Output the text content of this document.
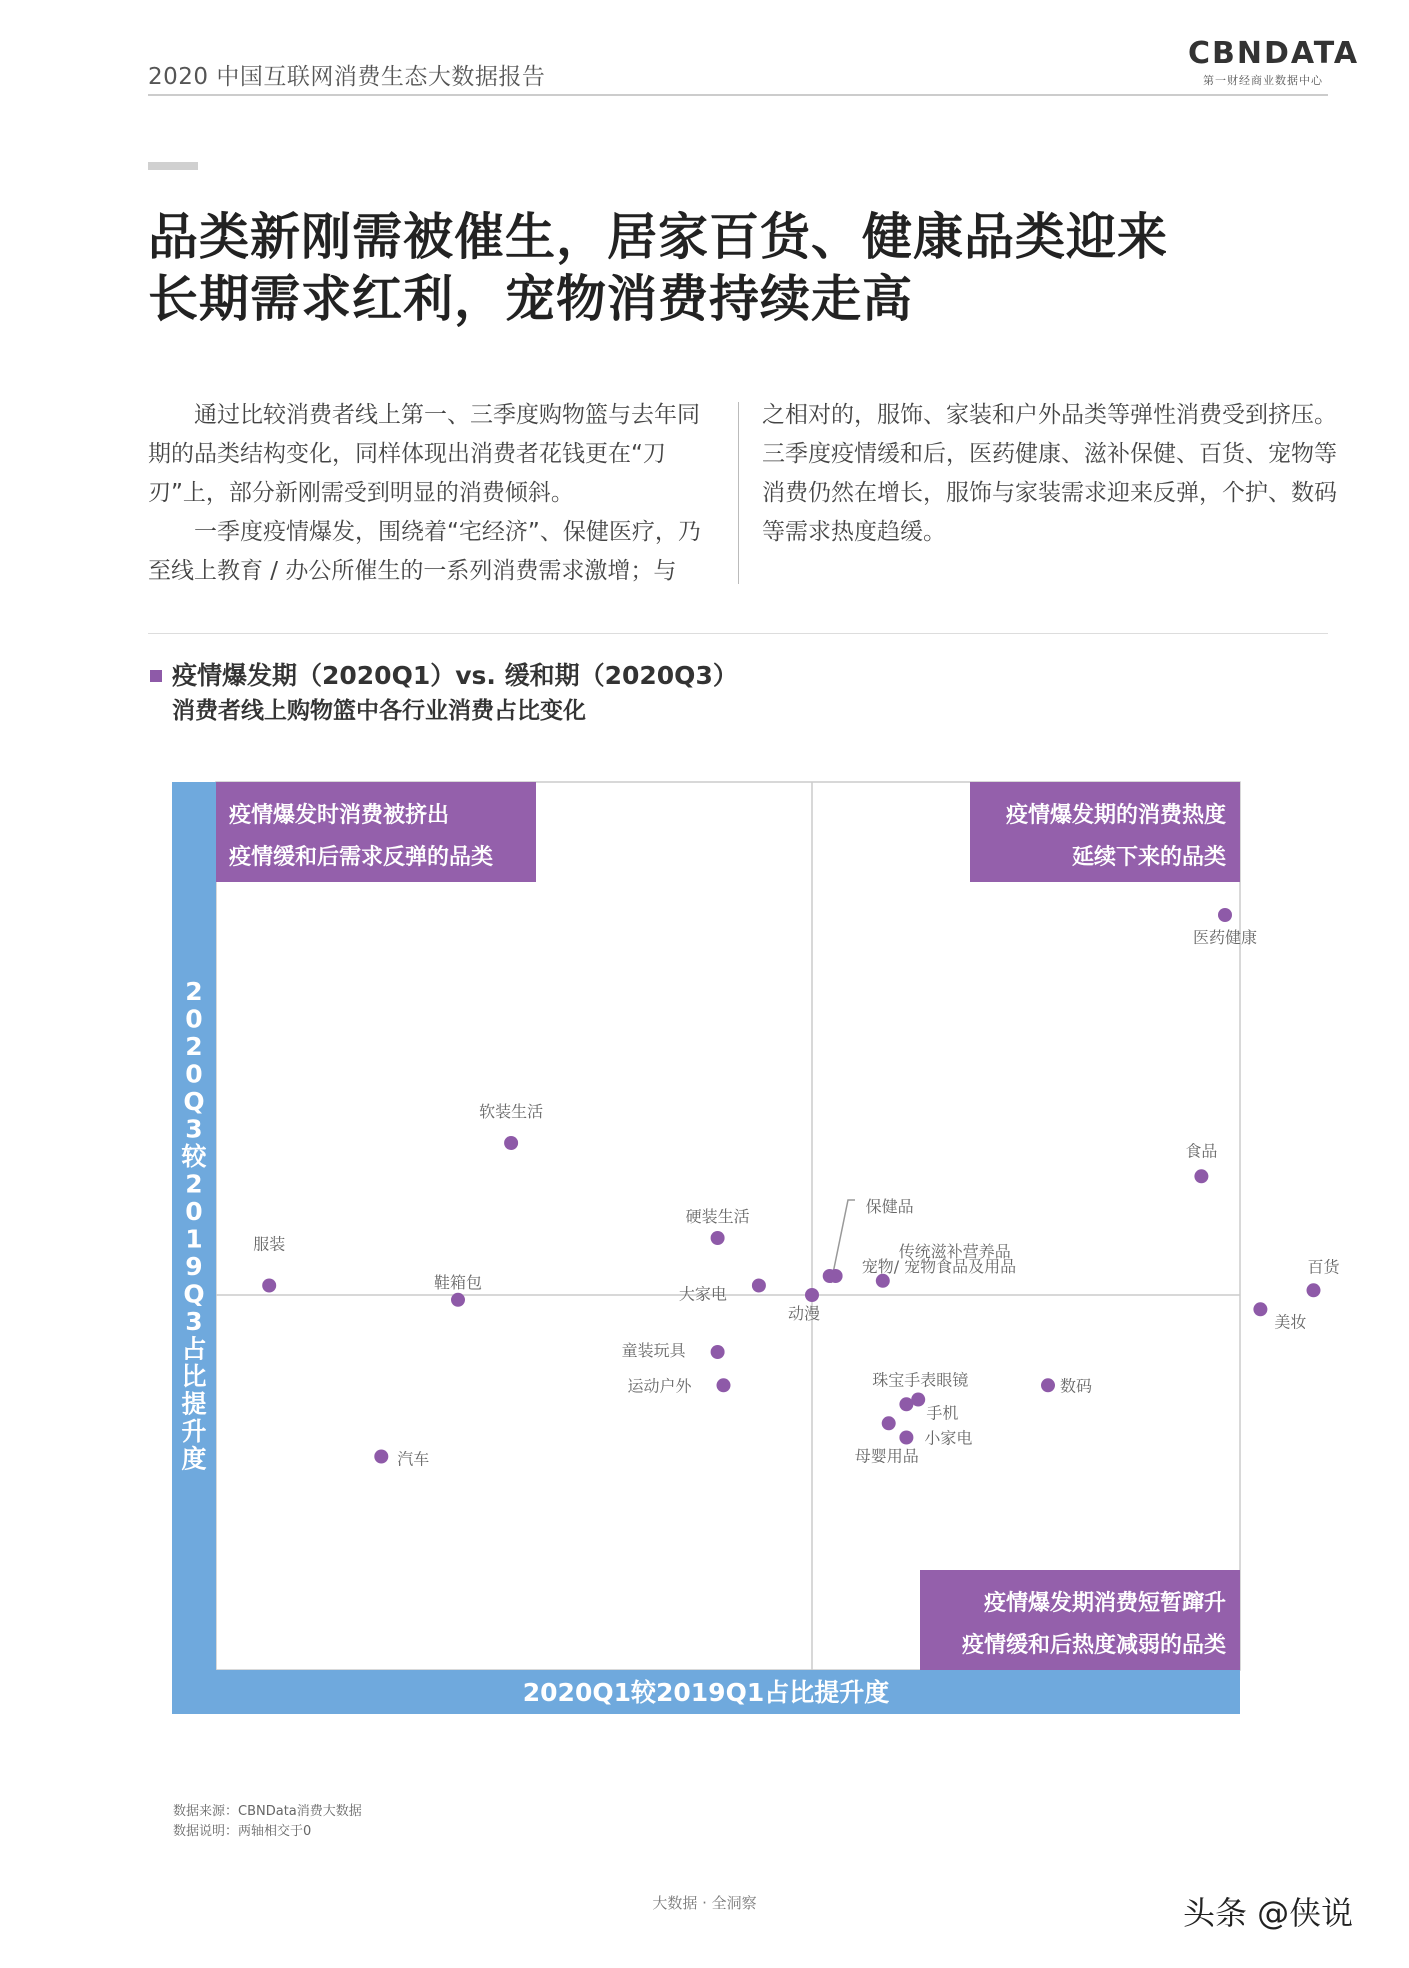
2020 中国互联网消费生态大数据报告
CBNDATA
第一财经商业数据中心
品类新刚需被催生，居家百货、健康品类迎来
长期需求红利，宠物消费持续走高

通过比较消费者线上第一、三季度购物篮与去年同期的品类结构变化，同样体现出消费者花钱更在“刀刃”上，部分新刚需受到明显的消费倾斜。

一季度疫情爆发，围绕着“宅经济”、保健医疗，乃至线上教育 / 办公所催生的一系列消费需求激增；与

之相对的，服饰、家装和户外品类等弹性消费受到挤压。三季度疫情缓和后，医药健康、滋补保健、百货、宠物等消费仍然在增长，服饰与家装需求迎来反弹，个护、数码等需求热度趋缓。

疫情爆发期（2020Q1）vs. 缓和期（2020Q3）
消费者线上购物篮中各行业消费占比变化
2020Q1较2019Q1占比提升度
2
0
2
0
Q
3
较
2
0
1
9
Q
3
占
比
提
升
度
疫情爆发时消费被挤出
疫情缓和后需求反弹的品类
疫情爆发期的消费热度
延续下来的品类
疫情爆发期消费短暂蹿升
疫情缓和后热度减弱的品类
医药健康
软装生活
食品
保健品
硬装生活
传统滋补营养品
服装
鞋箱包
大家电
动漫
宠物/ 宠物食品及用品	百货
美妆
童装玩具
运动户外	珠宝手表眼镜	数码
手机
小家电
母婴用品
汽车
数据来源：CBNData消费大数据
数据说明：两轴相交于0
大数据 · 全洞察	头条 @侠说
